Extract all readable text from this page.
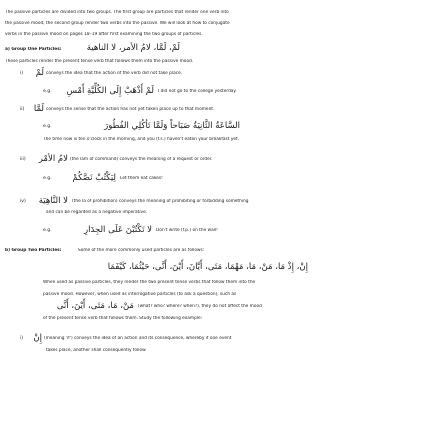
The passive particles are divided into two groups. The first group are particles that render one verb into
the passive mood; the second group render two verbs into the passive. We will look at how to conjugate
verbs in the passive mood on pages 18–19 after first examining the two groups of particles.
a) Group One Particles:	لَمْ، لَمَّا، لامُ الأمر، لا الناهية
These particles render the present tense verb that follows them into the passive mood.
i)	لَمْ conveys the idea that the action of the verb did not take place.
e.g.	لَمْ أَذْهَبْ إِلَى الكُلِّيَّةِ أَمْسِ I did not go to the college yesterday.
ii)	لَمَّا conveys the sense that the action has not yet taken place up to that moment.
e.g.	السَّاعَةُ الثَّانِيَةُ صَبَاحاً وَلَمَّا تَأكُلِي الفُطُورَ
The time now is ten o'clock in the morning, and you (f.s.) haven't eaten your breakfast yet.
iii)	لامُ الأمْر (the lam of command) conveys the meaning of a request or order.
e.g.	لِيَكْتُبْ نَصَّكُمْ Let them eat cakes!
iv)	لا النَّاهِيَة (the la of prohibition) conveys the meaning of prohibiting or forbidding something
and can be regarded as a negative imperative.
e.g.	لا تَكْتُبْنَ عَلَى الجِدَارِ Don't write (f.p.) on the wall!
b) Group Two Particles:	Some of the more commonly used particles are as follows:
إِنْ، إِذْ مَا، مَنْ، مَا، مَهْمَا، مَتَى، أَيَّانَ، أَيْنَ، أَنَّى، حَيْثُمَا، كَيْفَمَا
When used as passive particles, they render the two present tense verbs that follow them into the
passive mood. However, when used as interrogative particles (to ask a question), such as
مَنْ، مَا، مَتَى، أَيْنَ، أَنَّى (what? who? where? when?), they do not affect the mood
of the present tense verb that follows them. Study the following example:
i)	إِنْ (meaning 'if') conveys the idea of an action and its consequence, whereby if one event
takes place, another shall consequently follow.
